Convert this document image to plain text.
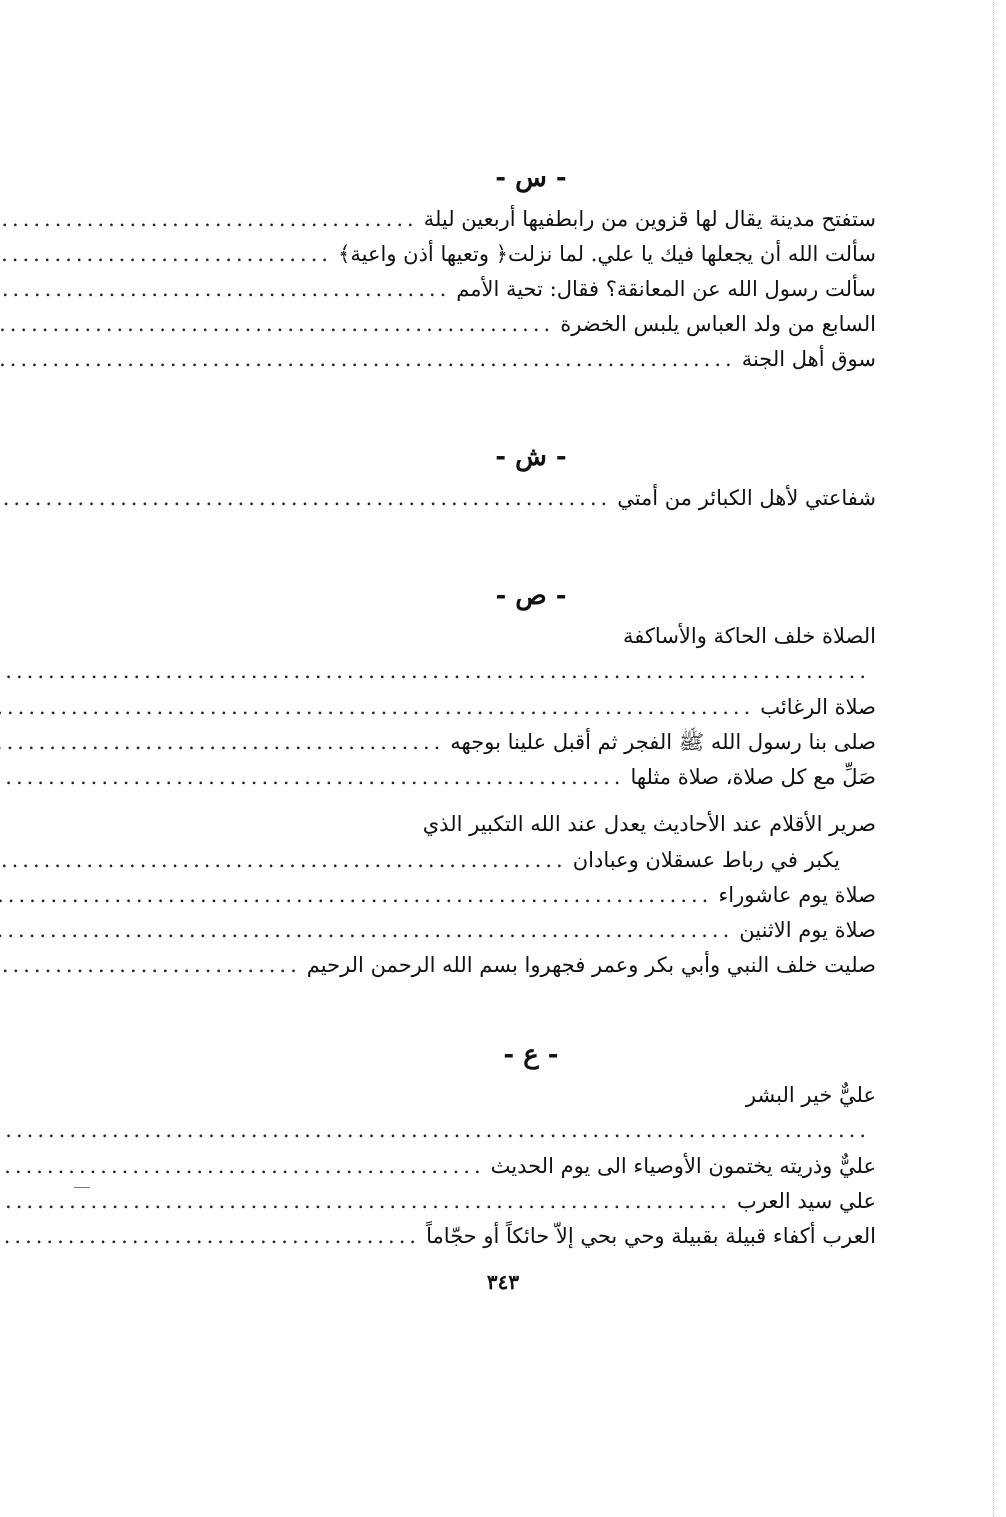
- س -
ستفتح مدينة يقال لها قزوين من رابطفيها أربعين ليلة
.....
سألت الله أن يجعلها فيك يا علي. لما نزلت﴿ وتعيها أذن واعية﴾
.....
سألت رسول الله عن المعانقة؟ فقال: تحية الأمم
.....
السابع من ولد العباس يلبس الخضرة
.....
سوق أهل الجنة
.....
- ش -
شفاعتي لأهل الكبائر من أمتي
.....
- ص -
الصلاة خلف الحاكة والأساكفة
.....
صلاة الرغائب
.....
صلى بنا رسول الله ﷺ الفجر ثم أقبل علينا بوجهه
.....
صَلِّ مع كل صلاة، صلاة مثلها
.....
صرير الأقلام عند الأحاديث يعدل عند الله التكبير الذي
يكبر في رباط عسقلان وعبادان
.....
صلاة يوم عاشوراء
.....
صلاة يوم الاثنين
.....
صليت خلف النبي وأبي بكر وعمر فجهروا بسم الله الرحمن الرحيم
.....
- ع -
عليٌّ خير البشر
.....
عليٌّ وذريته يختمون الأوصياء الى يوم الحديث
.....
علي سيد العرب
.....
العرب أكفاء قبيلة بقبيلة وحي بحي إلاّ حائكاً أو حجّاماً
.....
٣٤٣
